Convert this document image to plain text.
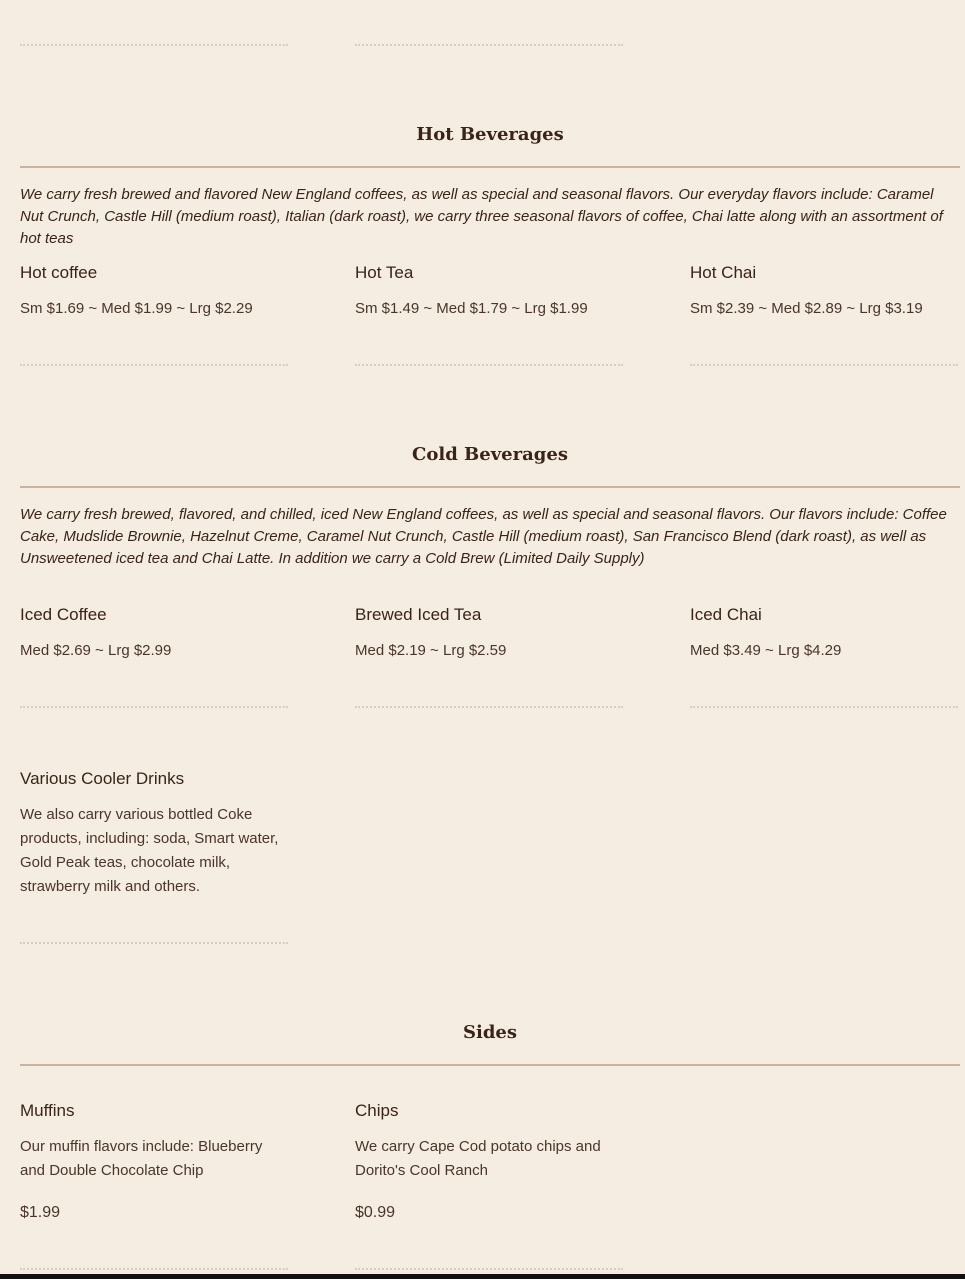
Hot Beverages

We carry fresh brewed and flavored New England coffees, as well as special and seasonal flavors. Our everyday flavors include: Caramel Nut Crunch, Castle Hill (medium roast), Italian (dark roast), we carry three seasonal flavors of coffee, Chai latte along with an assortment of hot teas

Hot coffee
Sm $1.69 ~ Med $1.99 ~ Lrg $2.29
Hot Tea
Sm $1.49 ~ Med $1.79 ~ Lrg $1.99
Hot Chai
Sm $2.39 ~ Med $2.89 ~ Lrg $3.19
Cold Beverages

We carry fresh brewed, flavored, and chilled, iced New England coffees, as well as special and seasonal flavors. Our flavors include: Coffee Cake, Mudslide Brownie, Hazelnut Creme, Caramel Nut Crunch, Castle Hill (medium roast), San Francisco Blend (dark roast), as well as Unsweetened iced tea and Chai Latte. In addition we carry a Cold Brew (Limited Daily Supply)

Iced Coffee
Med $2.69 ~ Lrg $2.99
Brewed Iced Tea
Med $2.19 ~ Lrg $2.59
Iced Chai
Med $3.49 ~ Lrg $4.29
Various Cooler Drinks

We also carry various bottled Coke products, including: soda, Smart water, Gold Peak teas, chocolate milk, strawberry milk and others.

Sides
Muffins

Our muffin flavors include: Blueberry and Double Chocolate Chip

$1.99
Chips

We carry Cape Cod potato chips and Dorito's Cool Ranch

$0.99
